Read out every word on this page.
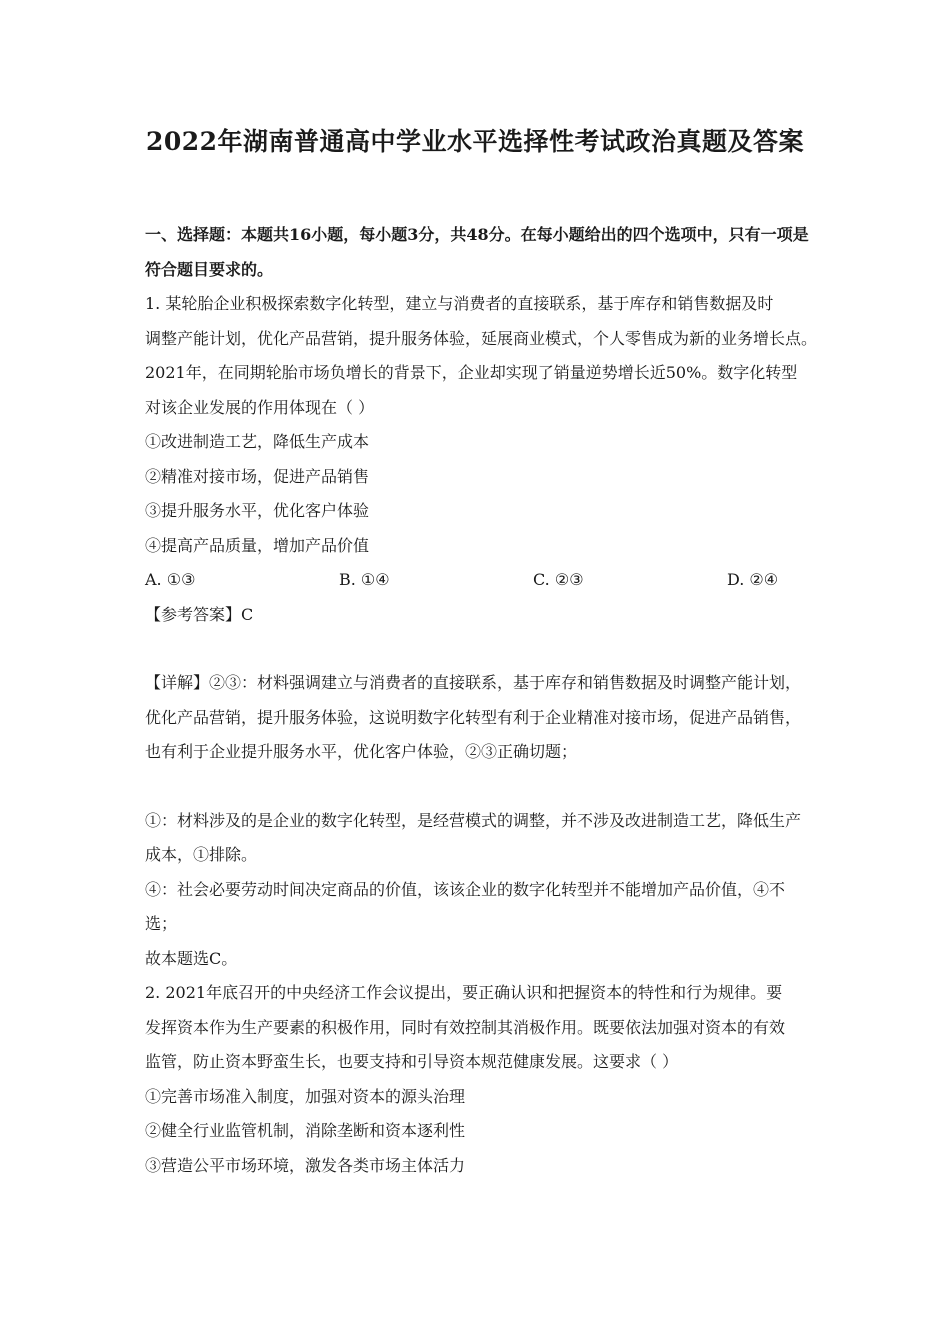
2022年湖南普通高中学业水平选择性考试政治真题及答案
一、选择题：本题共16小题，每小题3分，共48分。在每小题给出的四个选项中，只有一项是
符合题目要求的。
1. 某轮胎企业积极探索数字化转型，建立与消费者的直接联系，基于库存和销售数据及时
调整产能计划，优化产品营销，提升服务体验，延展商业模式，个人零售成为新的业务增长点。
2021年，在同期轮胎市场负增长的背景下，企业却实现了销量逆势增长近50%。数字化转型
对该企业发展的作用体现在（ ）
①改进制造工艺，降低生产成本
②精准对接市场，促进产品销售
③提升服务水平，优化客户体验
④提高产品质量，增加产品价值
A. ①③	B. ①④	C. ②③	D. ②④
【参考答案】C
【详解】②③：材料强调建立与消费者的直接联系，基于库存和销售数据及时调整产能计划，
优化产品营销，提升服务体验，这说明数字化转型有利于企业精准对接市场，促进产品销售，
也有利于企业提升服务水平，优化客户体验，②③正确切题；
①：材料涉及的是企业的数字化转型，是经营模式的调整，并不涉及改进制造工艺，降低生产
成本，①排除。
④：社会必要劳动时间决定商品的价值，该该企业的数字化转型并不能增加产品价值，④不
选；
故本题选C。
2. 2021年底召开的中央经济工作会议提出，要正确认识和把握资本的特性和行为规律。要
发挥资本作为生产要素的积极作用，同时有效控制其消极作用。既要依法加强对资本的有效
监管，防止资本野蛮生长，也要支持和引导资本规范健康发展。这要求（ ）
①完善市场准入制度，加强对资本的源头治理
②健全行业监管机制，消除垄断和资本逐利性
③营造公平市场环境，激发各类市场主体活力
